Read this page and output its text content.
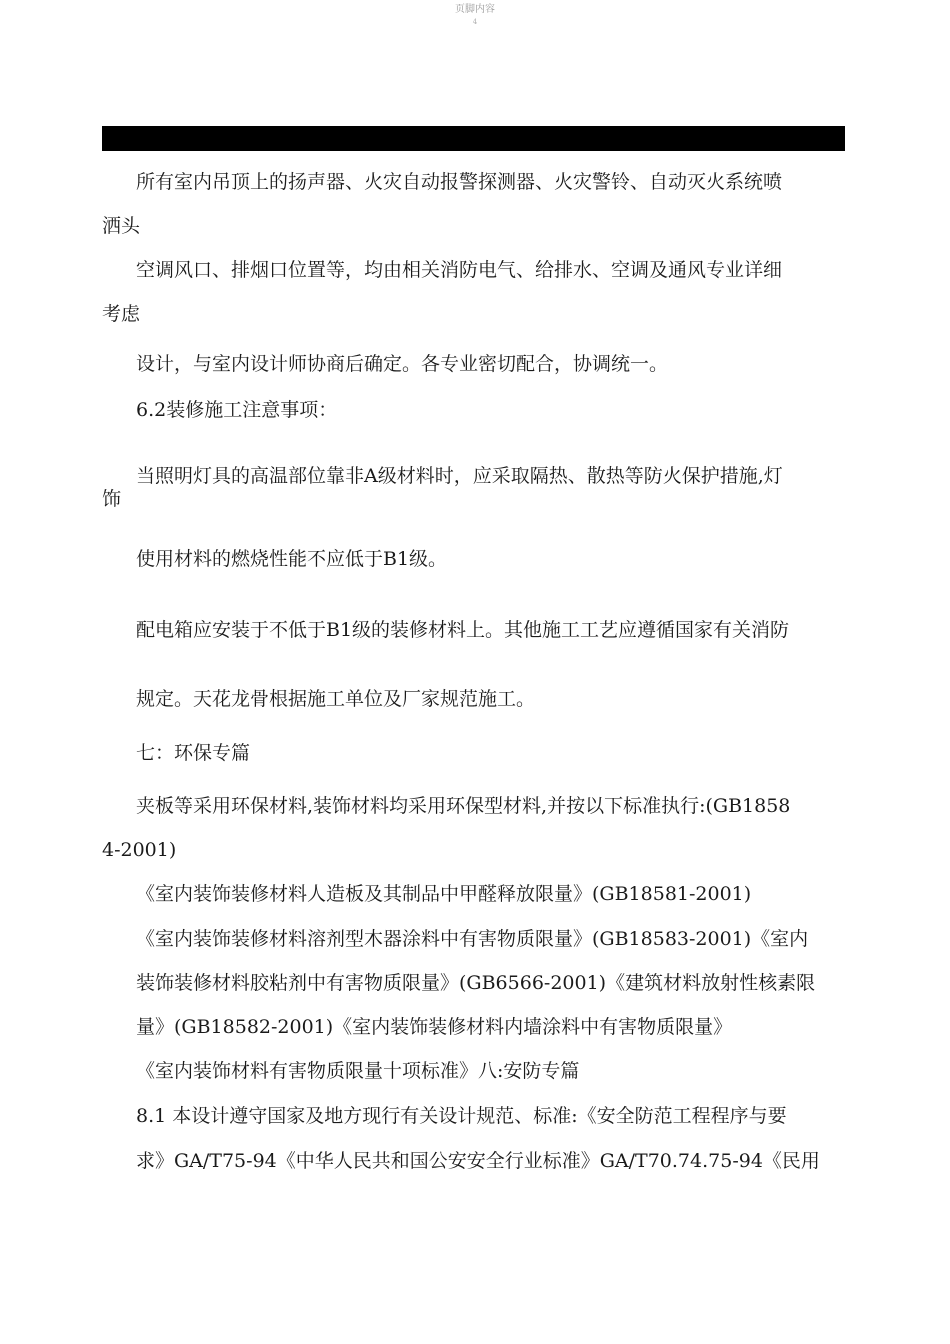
页脚内容
4
所有室内吊顶上的扬声器、火灾自动报警探测器、火灾警铃、自动灭火系统喷
洒头
空调风口、排烟口位置等，均由相关消防电气、给排水、空调及通风专业详细
考虑
设计，与室内设计师协商后确定。各专业密切配合，协调统一。
6.2装修施工注意事项：
当照明灯具的高温部位靠非A级材料时，应采取隔热、散热等防火保护措施,灯
饰
使用材料的燃烧性能不应低于B1级。
配电箱应安装于不低于B1级的装修材料上。其他施工工艺应遵循国家有关消防
规定。天花龙骨根据施工单位及厂家规范施工。
七：环保专篇
夹板等采用环保材料,装饰材料均采用环保型材料,并按以下标准执行:(GB1858
4-2001)
《室内装饰装修材料人造板及其制品中甲醛释放限量》(GB18581-2001)
《室内装饰装修材料溶剂型木器涂料中有害物质限量》(GB18583-2001)《室内
装饰装修材料胶粘剂中有害物质限量》(GB6566-2001)《建筑材料放射性核素限
量》(GB18582-2001)《室内装饰装修材料内墙涂料中有害物质限量》
《室内装饰材料有害物质限量十项标准》八:安防专篇
8.1 本设计遵守国家及地方现行有关设计规范、标准:《安全防范工程程序与要
求》GA/T75-94《中华人民共和国公安安全行业标准》GA/T70.74.75-94《民用
